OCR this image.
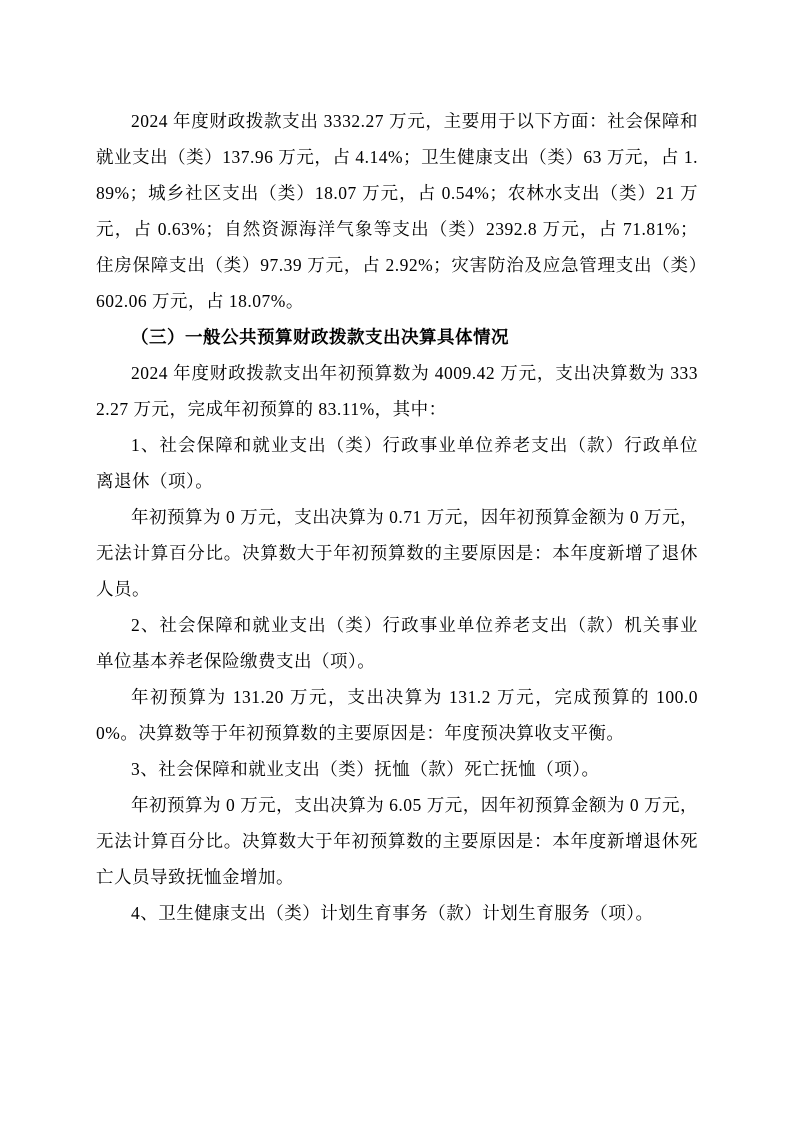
2024 年度财政拨款支出 3332.27 万元，主要用于以下方面：社会保障和就业支出（类）137.96 万元，占 4.14%；卫生健康支出（类）63 万元，占 1.89%；城乡社区支出（类）18.07 万元，占 0.54%；农林水支出（类）21 万元，占 0.63%；自然资源海洋气象等支出（类）2392.8 万元，占 71.81%；住房保障支出（类）97.39 万元，占 2.92%；灾害防治及应急管理支出（类）602.06 万元，占 18.07%。

（三）一般公共预算财政拨款支出决算具体情况

2024 年度财政拨款支出年初预算数为 4009.42 万元，支出决算数为 3332.27 万元，完成年初预算的 83.11%，其中：

1、社会保障和就业支出（类）行政事业单位养老支出（款）行政单位离退休（项）。

年初预算为 0 万元，支出决算为 0.71 万元，因年初预算金额为 0 万元，无法计算百分比。决算数大于年初预算数的主要原因是：本年度新增了退休人员。

2、社会保障和就业支出（类）行政事业单位养老支出（款）机关事业单位基本养老保险缴费支出（项）。

年初预算为 131.20 万元，支出决算为 131.2 万元，完成预算的 100.00%。决算数等于年初预算数的主要原因是：年度预决算收支平衡。

3、社会保障和就业支出（类）抚恤（款）死亡抚恤（项）。

年初预算为 0 万元，支出决算为 6.05 万元，因年初预算金额为 0 万元，无法计算百分比。决算数大于年初预算数的主要原因是：本年度新增退休死亡人员导致抚恤金增加。

4、卫生健康支出（类）计划生育事务（款）计划生育服务（项）。
